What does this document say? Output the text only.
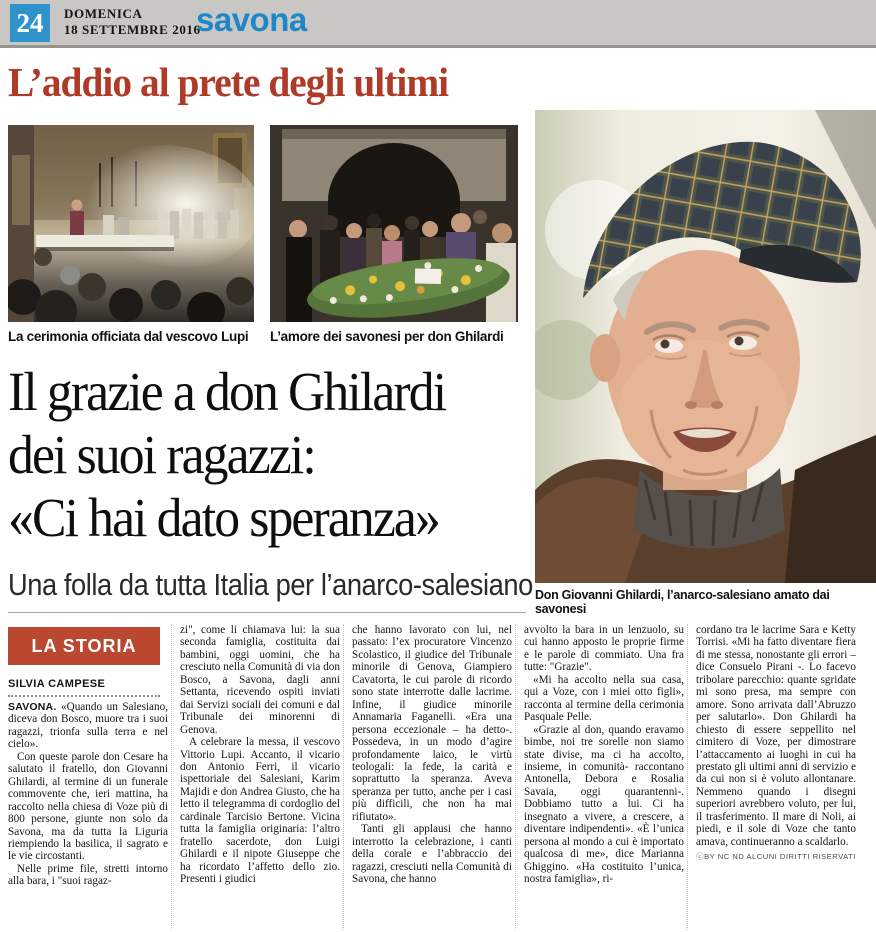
24	DOMENICA
18 SETTEMBRE 2016
savona
L’addio al prete degli ultimi
La cerimonia officiata dal vescovo Lupi L’amore dei savonesi per don Ghilardi
Don Giovanni Ghilardi, l’anarco-salesiano amato dai savonesi
Il grazie a don Ghilardi
dei suoi ragazzi:
«Ci hai dato speranza»
Una folla da tutta Italia per l’anarco-salesiano
LA STORIA
SILVIA CAMPESE

SAVONA. «Quando un Salesiano, diceva don Bosco, muore tra i suoi ragazzi, trionfa sulla terra e nel cielo».

Con queste parole don Cesare ha salutato il fratello, don Giovanni Ghilardi, al termine di un funerale commovente che, ieri mattina, ha raccolto nella chiesa di Voze più di 800 persone, giunte non solo da Savona, ma da tutta la Liguria riempiendo la basilica, il sagrato e le vie circostanti.

Nelle prime file, stretti intorno alla bara, i "suoi ragaz-

zi", come li chiamava lui: la sua seconda famiglia, costituita dai bambini, oggi uomini, che ha cresciuto nella Comunità di via don Bosco, a Savona, dagli anni Settanta, ricevendo ospiti inviati dai Servizi sociali dei comuni e dal Tribunale dei minorenni di Genova.

A celebrare la messa, il vescovo Vittorio Lupi. Accanto, il vicario don Antonio Ferri, il vicario ispettoriale dei Salesiani, Karim Majidi e don Andrea Giusto, che ha letto il telegramma di cordoglio del cardinale Tarcisio Bertone. Vicina tutta la famiglia originaria: l’altro fratello sacerdote, don Luigi Ghilardi e il nipote Giuseppe che ha ricordato l’affetto dello zio. Presenti i giudici

che hanno lavorato con lui, nel passato: l’ex procuratore Vincenzo Scolastico, il giudice del Tribunale minorile di Genova, Giampiero Cavatorta, le cui parole di ricordo sono state interrotte dalle lacrime. Infine, il giudice minorile Annamaria Faganelli. «Era una persona eccezionale – ha detto-. Possedeva, in un modo d’agire profondamente laico, le virtù teologali: la fede, la carità e soprattutto la speranza. Aveva speranza per tutto, anche per i casi più difficili, che non ha mai rifiutato».

Tanti gli applausi che hanno interrotto la celebrazione, i canti della corale e l’abbraccio dei ragazzi, cresciuti nella Comunità di Savona, che hanno

avvolto la bara in un lenzuolo, su cui hanno apposto le proprie firme e le parole di commiato. Una fra tutte: "Grazie".

«Mi ha accolto nella sua casa, qui a Voze, con i miei otto figli», racconta al termine della cerimonia Pasquale Pelle.

«Grazie al don, quando eravamo bimbe, noi tre sorelle non siamo state divise, ma ci ha accolto, insieme, in comunità- raccontano Antonella, Debora e Rosalia Savaia, oggi quarantenni-. Dobbiamo tutto a lui. Ci ha insegnato a vivere, a crescere, a diventare indipendenti». «È l’unica persona al mondo a cui è importato qualcosa di me», dice Marianna Ghiggino. «Ha costituito l’unica, nostra famiglia», ri-

cordano tra le lacrime Sara e Ketty Torrisi. «Mi ha fatto diventare fiera di me stessa, nonostante gli errori – dice Consuelo Pirani -. Lo facevo tribolare parecchio: quante sgridate mi sono presa, ma sempre con amore. Sono arrivata dall’Abruzzo per salutarlo». Don Ghilardi ha chiesto di essere seppellito nel cimitero di Voze, per dimostrare l’attaccamento ai luoghi in cui ha prestato gli ultimi anni di servizio e da cui non si è voluto allontanare. Nemmeno quando i disegni superiori avrebbero voluto, per lui, il trasferimento. Il mare di Noli, ai piedi, e il sole di Voze che tanto amava, continueranno a scaldarlo.

ⓒBY NC ND ALCUNI DIRITTI RISERVATI
